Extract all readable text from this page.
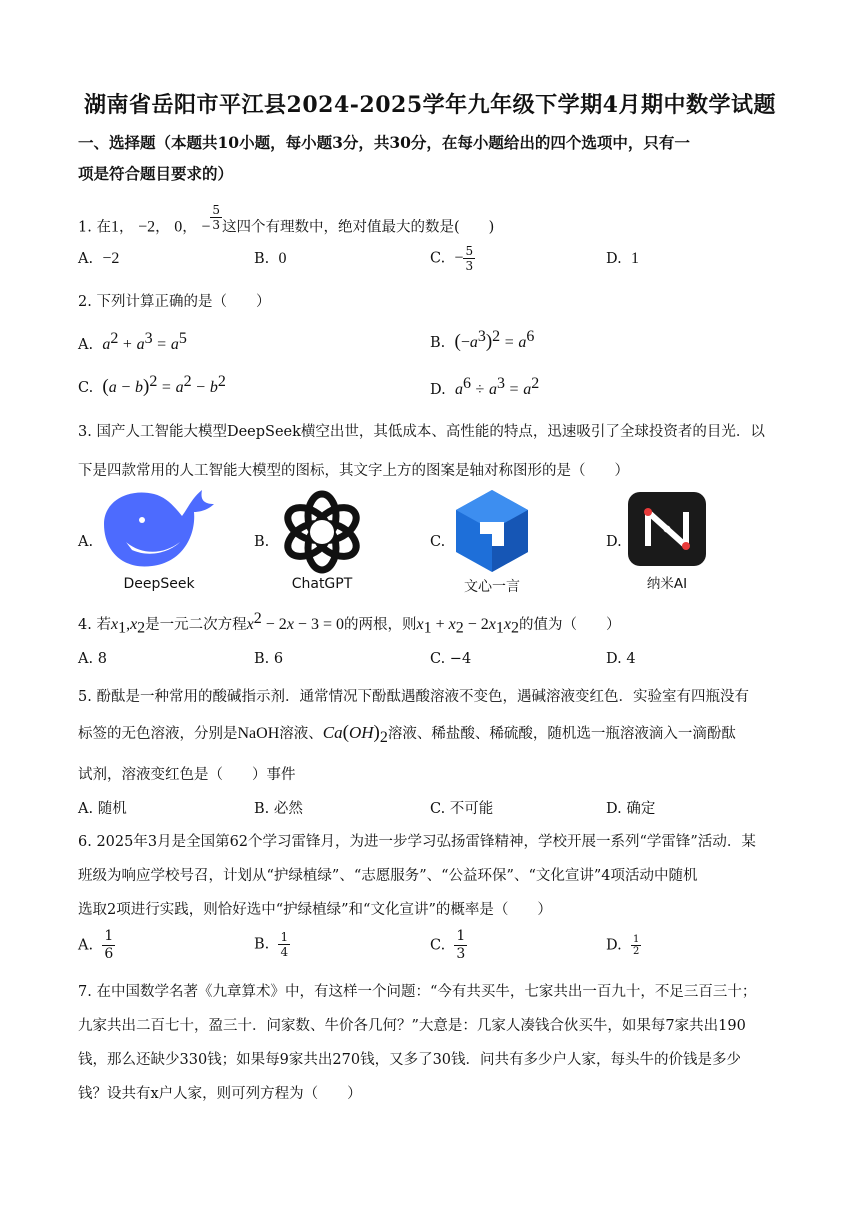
湖南省岳阳市平江县2024-2025学年九年级下学期4月期中数学试题
一、选择题（本题共10小题，每小题3分，共30分，在每小题给出的四个选项中，只有一
项是符合题目要求的）
1. 在1， −2， 0， − $\frac{5}{3}$ 这四个有理数中，绝对值最大的数是(　　)
A.  −2	B.  0	C.  − $\frac{5}{3}$	D.  1
2. 下列计算正确的是（　　）
A. $a^2 + a^3 = a^5$	B. $(-a^3)^2 = a^6$
C. $(a - b)^2 = a^2 - b^2$	D. $a^6 \div a^3 = a^2$
3. 国产人工智能大模型DeepSeek横空出世，其低成本、高性能的特点，迅速吸引了全球投资者的目光．以
下是四款常用的人工智能大模型的图标，其文字上方的图案是轴对称图形的是（　　）
A.
DeepSeek
B.
ChatGPT
C.
文心一言
D.
纳米AI
4. 若$x_1,x_2$是一元二次方程$x^2 - 2x - 3 = 0$的两根，则$x_1 + x_2 - 2x_1x_2$的值为（　　）
A. 8	B. 6	C. −4	D. 4
5. 酚酞是一种常用的酸碱指示剂．通常情况下酚酞遇酸溶液不变色，遇碱溶液变红色．实验室有四瓶没有
标签的无色溶液，分别是NaOH溶液、$Ca(OH)_2$溶液、稀盐酸、稀硫酸，随机选一瓶溶液滴入一滴酚酞
试剂，溶液变红色是（　　）事件
A. 随机	B. 必然	C. 不可能	D. 确定
6. 2025年3月是全国第62个学习雷锋月，为进一步学习弘扬雷锋精神，学校开展一系列“学雷锋”活动．某
班级为响应学校号召，计划从“护绿植绿”、“志愿服务”、“公益环保”、“文化宣讲”4项活动中随机
选取2项进行实践，则恰好选中“护绿植绿”和“文化宣讲”的概率是（　　）
A. $\frac{1}{6}$	B. $\frac{1}{4}$	C. $\frac{1}{3}$	D. $\frac{1}{2}$
7. 在中国数学名著《九章算术》中，有这样一个问题：“今有共买牛，七家共出一百九十，不足三百三十；
九家共出二百七十，盈三十．问家数、牛价各几何？”大意是：几家人凑钱合伙买牛，如果每7家共出190
钱，那么还缺少330钱；如果每9家共出270钱，又多了30钱．问共有多少户人家，每头牛的价钱是多少
钱？设共有x户人家，则可列方程为（　　）
